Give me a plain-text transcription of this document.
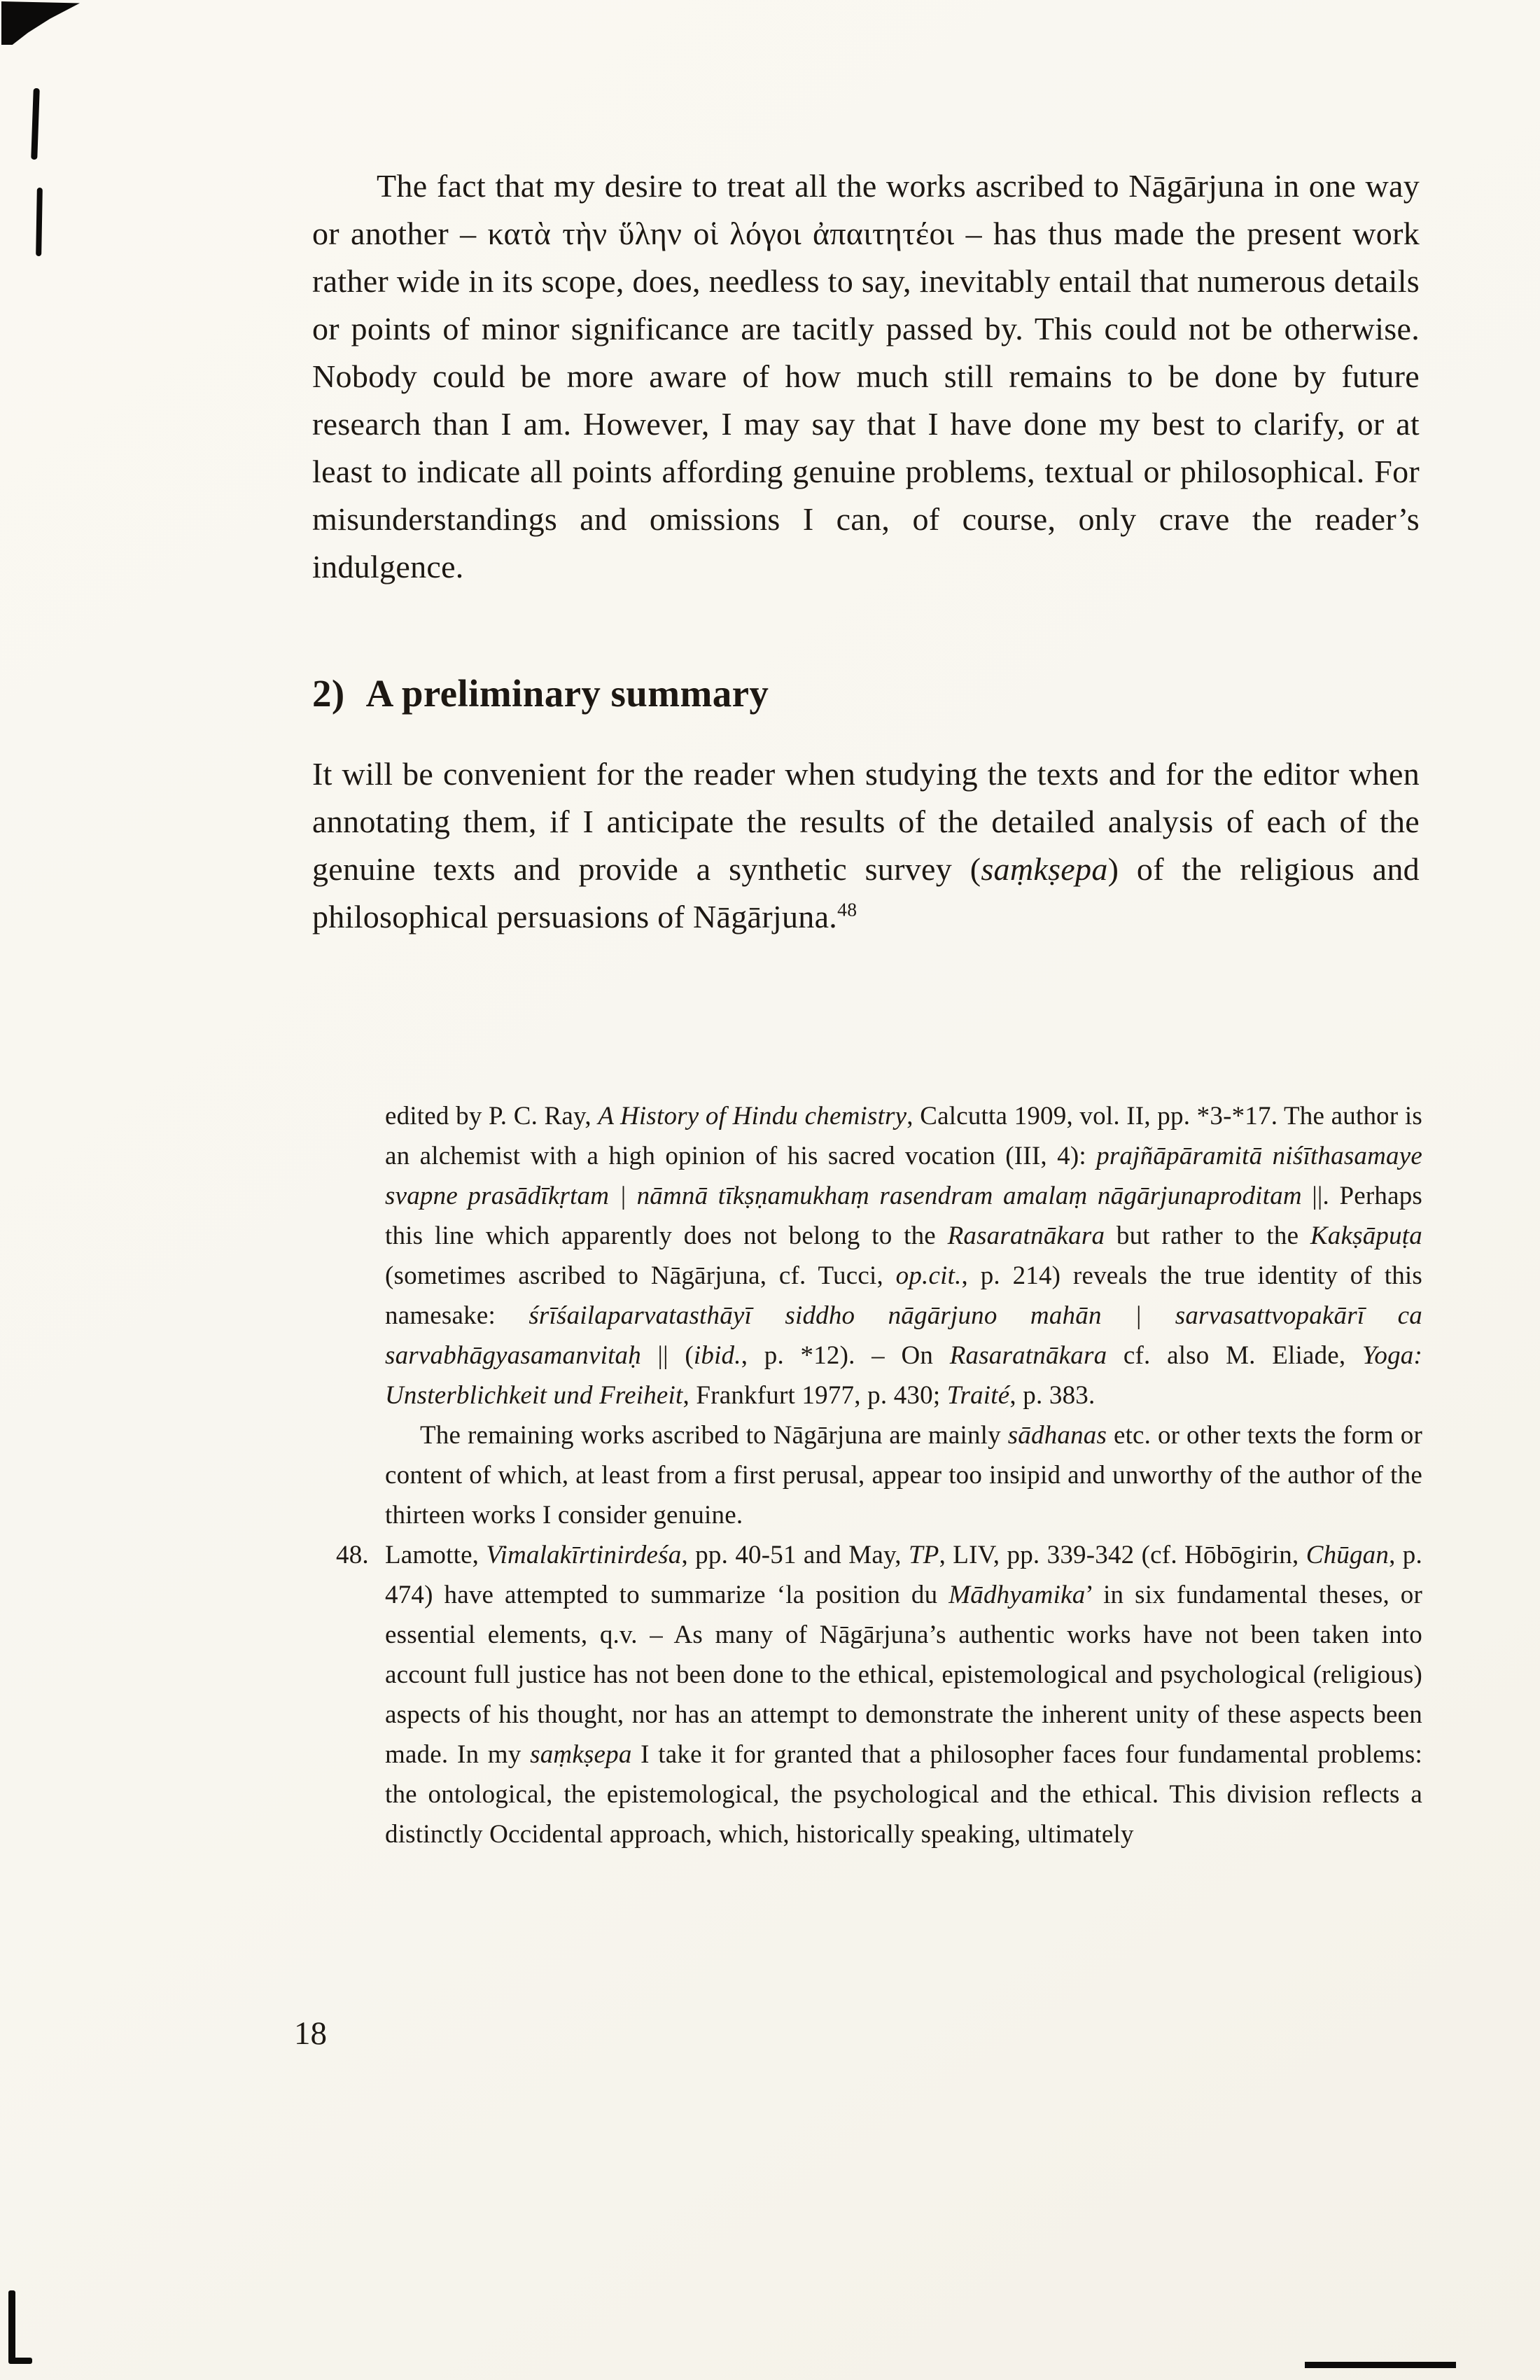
The fact that my desire to treat all the works ascribed to Nāgārjuna in one way or another – κατὰ τὴν ὕλην οἱ λόγοι ἀπαιτητέοι – has thus made the present work rather wide in its scope, does, needless to say, inevitably entail that numerous details or points of minor significance are tacitly passed by. This could not be otherwise. Nobody could be more aware of how much still remains to be done by future research than I am. However, I may say that I have done my best to clarify, or at least to indicate all points affording genuine problems, textual or philosophical. For misunderstandings and omissions I can, of course, only crave the reader’s indulgence.

2) A preliminary summary

It will be convenient for the reader when studying the texts and for the editor when annotating them, if I anticipate the results of the detailed analysis of each of the genuine texts and provide a synthetic survey (saṃkṣepa) of the religious and philosophical persuasions of Nāgārjuna.$^{48}$

edited by P. C. Ray, A History of Hindu chemistry, Calcutta 1909, vol. II, pp. *3-*17. The author is an alchemist with a high opinion of his sacred vocation (III, 4): prajñāpāramitā niśīthasamaye svapne prasādīkṛtam | nāmnā tīkṣṇamukhaṃ rasendram amalaṃ nāgārjunaproditam ||. Perhaps this line which apparently does not belong to the Rasaratnākara but rather to the Kakṣāpuṭa (sometimes ascribed to Nāgārjuna, cf. Tucci, op.cit., p. 214) reveals the true identity of this namesake: śrīśailaparvatasthāyī siddho nāgārjuno mahān | sarvasattvopakārī ca sarvabhāgyasamanvitaḥ || (ibid., p. *12). – On Rasaratnākara cf. also M. Eliade, Yoga: Unsterblichkeit und Freiheit, Frankfurt 1977, p. 430; Traité, p. 383.

The remaining works ascribed to Nāgārjuna are mainly sādhanas etc. or other texts the form or content of which, at least from a first perusal, appear too insipid and unworthy of the author of the thirteen works I consider genuine.

48. Lamotte, Vimalakīrtinirdeśa, pp. 40-51 and May, TP, LIV, pp. 339-342 (cf. Hōbōgirin, Chūgan, p. 474) have attempted to summarize ‘la position du Mādhyamika’ in six fundamental theses, or essential elements, q.v. – As many of Nāgārjuna’s authentic works have not been taken into account full justice has not been done to the ethical, epistemological and psychological (religious) aspects of his thought, nor has an attempt to demonstrate the inherent unity of these aspects been made. In my saṃkṣepa I take it for granted that a philosopher faces four fundamental problems: the ontological, the epistemological, the psychological and the ethical. This division reflects a distinctly Occidental approach, which, historically speaking, ultimately

18
